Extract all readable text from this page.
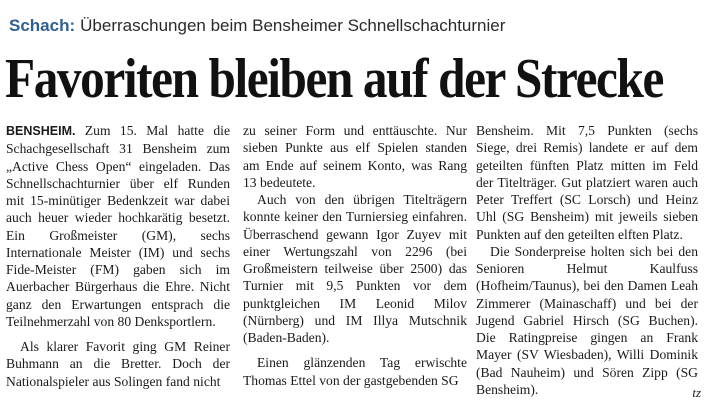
Schach: Überraschungen beim Bensheimer Schnellschachturnier
Favoriten bleiben auf der Strecke

BENSHEIM. Zum 15. Mal hatte die Schachgesellschaft 31 Bensheim zum „Active Chess Open“ eingeladen. Das Schnellschachturnier über elf Runden mit 15-minütiger Bedenkzeit war dabei auch heuer wieder hochkarätig besetzt. Ein Großmeister (GM), sechs Internationale Meister (IM) und sechs Fide-Meister (FM) gaben sich im Auerbacher Bürgerhaus die Ehre. Nicht ganz den Erwartungen entsprach die Teilnehmerzahl von 80 Denksportlern.

Als klarer Favorit ging GM Reiner Buhmann an die Bretter. Doch der Nationalspieler aus Solingen fand nicht

zu seiner Form und enttäuschte. Nur sieben Punkte aus elf Spielen standen am Ende auf seinem Konto, was Rang 13 bedeutete.

Auch von den übrigen Titelträgern konnte keiner den Turniersieg einfahren. Überraschend gewann Igor Zuyev mit einer Wertungszahl von 2296 (bei Großmeistern teilweise über 2500) das Turnier mit 9,5 Punkten vor dem punktgleichen IM Leonid Milov (Nürnberg) und IM Illya Mutschnik (Baden-Baden).

Einen glänzenden Tag erwischte Thomas Ettel von der gastgebenden SG

Bensheim. Mit 7,5 Punkten (sechs Siege, drei Remis) landete er auf dem geteilten fünften Platz mitten im Feld der Titelträger. Gut platziert waren auch Peter Treffert (SC Lorsch) und Heinz Uhl (SG Bensheim) mit jeweils sieben Punkten auf den geteilten elften Platz.

Die Sonderpreise holten sich bei den Senioren Helmut Kaulfuss (Hofheim/Taunus), bei den Damen Leah Zimmerer (Mainaschaff) und bei der Jugend Gabriel Hirsch (SG Buchen). Die Ratingpreise gingen an Frank Mayer (SV Wiesbaden), Willi Dominik (Bad Nauheim) und Sören Zipp (SG Bensheim).	tz
